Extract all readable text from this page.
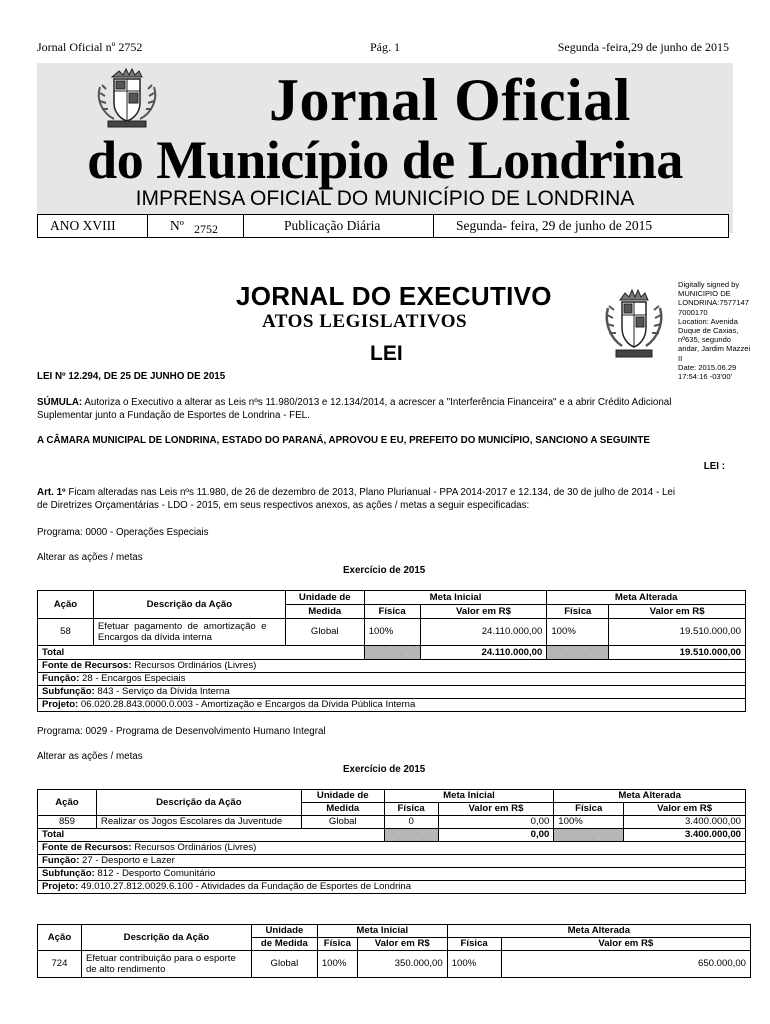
Jornal Oficial nº 2752	Pág. 1	Segunda -feira,29 de junho de 2015
Jornal Oficial
do Município de Londrina
IMPRENSA OFICIAL DO MUNICÍPIO DE LONDRINA
ANO XVIII	Nº 2752	Publicação Diária	Segunda- feira, 29 de junho de 2015
JORNAL DO EXECUTIVO
ATOS LEGISLATIVOS
LEI
Digitally signed by
MUNICIPIO DE
LONDRINA:7577147
7000170
Location: Avenida
Duque de Caxias,
nº635, segundo
andar, Jardim Mazzei
II
Date: 2015.06.29
17:54:16 -03'00'
LEI Nº 12.294, DE 25 DE JUNHO DE 2015
SÚMULA: Autoriza o Executivo a alterar as Leis nºs 11.980/2013 e 12.134/2014, a acrescer a "Interferência Financeira" e a abrir Crédito Adicional
Suplementar junto a Fundação de Esportes de Londrina - FEL.
A CÂMARA MUNICIPAL DE LONDRINA, ESTADO DO PARANÁ, APROVOU E EU, PREFEITO DO MUNICÍPIO, SANCIONO A SEGUINTE
LEI :
Art. 1º Ficam alteradas nas Leis nºs 11.980, de 26 de dezembro de 2013, Plano Plurianual - PPA 2014-2017 e 12.134, de 30 de julho de 2014 - Lei
de Diretrizes Orçamentárias - LDO - 2015, em seus respectivos anexos, as ações / metas a seguir especificadas:
Programa: 0000 - Operações Especiais
Alterar as ações / metas
Exercício de 2015
Ação	Descrição da Ação	Unidade de	Meta Inicial		Meta Alterada	
		Medida	Física	Valor em R$	Física	Valor em R$
58	Efetuar  pagamento  de  amortização  e
Encargos da dívida interna	Global	100%	24.110.000,00	100%	19.510.000,00
Total				24.110.000,00		19.510.000,00
Fonte de Recursos: Recursos Ordinários (Livres)						
Função: 28 - Encargos Especiais						
Subfunção: 843 - Serviço da Dívida Interna						
Projeto: 06.020.28.843.0000.0.003 - Amortização e Encargos da Dívida Pública Interna						
Programa: 0029 - Programa de Desenvolvimento Humano Integral
Alterar as ações / metas
Exercício de 2015
Ação	Descrição da Ação	Unidade de	Meta Inicial		Meta Alterada	
		Medida	Física	Valor em R$	Física	Valor em R$
859	Realizar os Jogos Escolares da Juventude	Global	0	0,00	100%	3.400.000,00
Total				0,00		3.400.000,00
Fonte de Recursos: Recursos Ordinários (Livres)						
Função: 27 - Desporto e Lazer						
Subfunção: 812 - Desporto Comunitário						
Projeto: 49.010.27.812.0029.6.100 - Atividades da Fundação de Esportes de Londrina						
Ação	Descrição da Ação	Unidade	Meta Inicial		Meta Alterada	
		de Medida	Física	Valor em R$	Física	Valor em R$
724	Efetuar contribuição para o esporte
de alto rendimento	Global	100%	350.000,00	100%	650.000,00
